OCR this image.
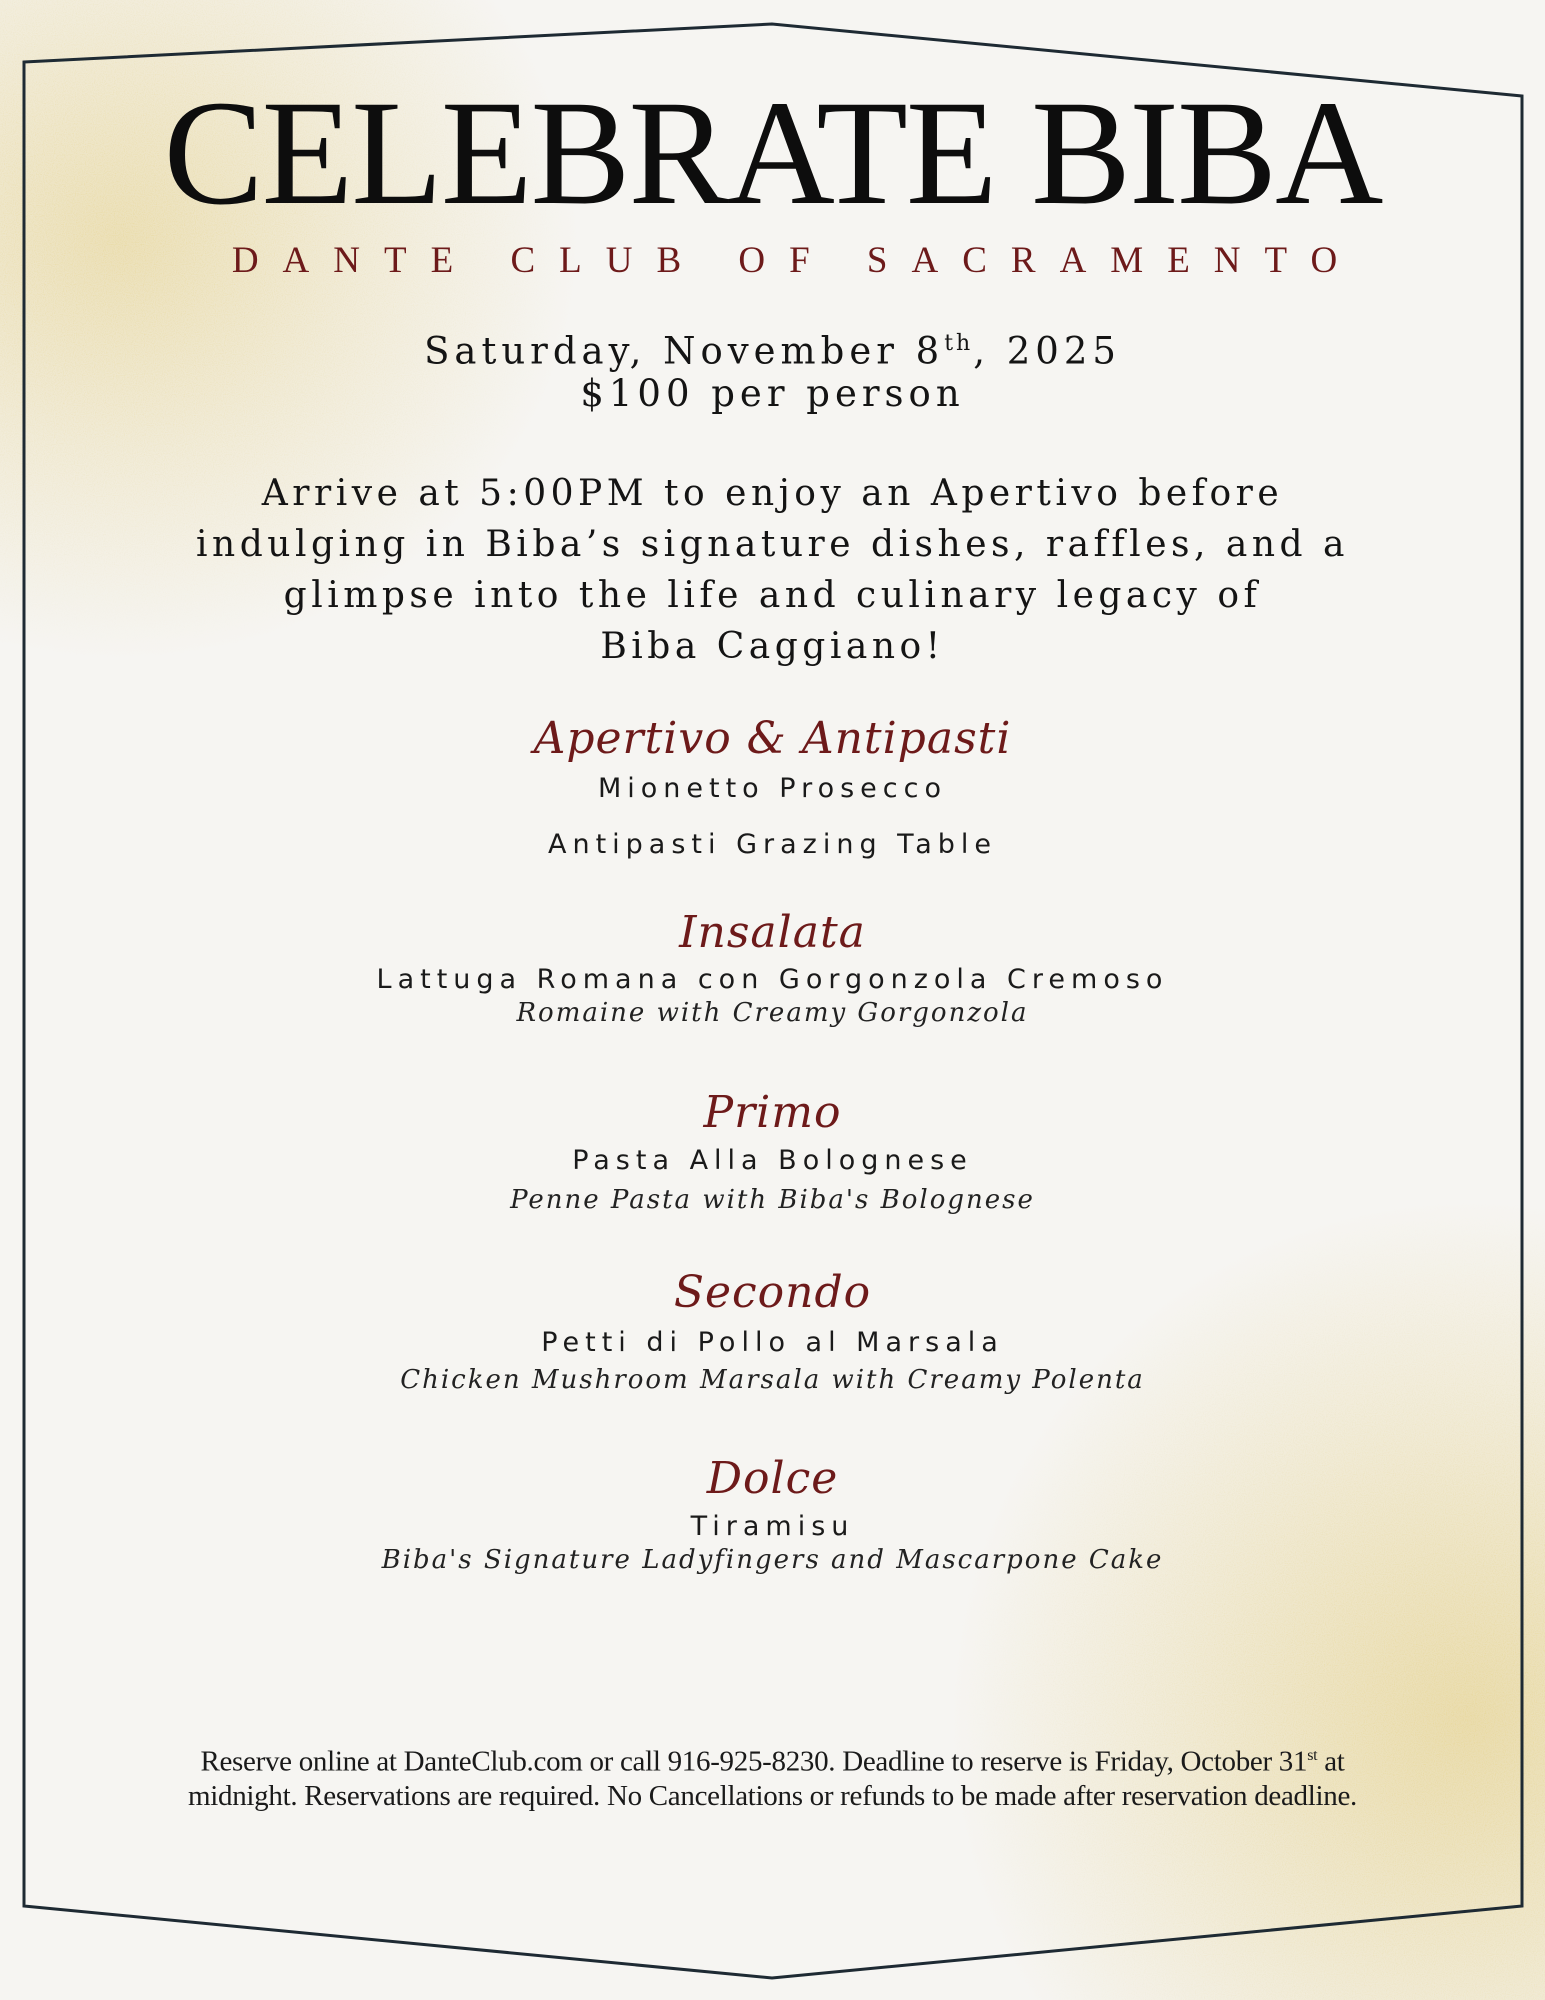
CELEBRATE BIBA
DANTE CLUB OF SACRAMENTO
Saturday, November 8th, 2025
$100 per person
Arrive at 5:00PM to enjoy an Apertivo before
indulging in Biba’s signature dishes, raffles, and a
glimpse into the life and culinary legacy of
Biba Caggiano!
Apertivo & Antipasti
Mionetto Prosecco
Antipasti Grazing Table
Insalata
Lattuga Romana con Gorgonzola Cremoso
Romaine with Creamy Gorgonzola
Primo
Pasta Alla Bolognese
Penne Pasta with Biba's Bolognese
Secondo
Petti di Pollo al Marsala
Chicken Mushroom Marsala with Creamy Polenta
Dolce
Tiramisu
Biba's Signature Ladyfingers and Mascarpone Cake
Reserve online at DanteClub.com or call 916-925-8230. Deadline to reserve is Friday, October 31st at
midnight. Reservations are required. No Cancellations or refunds to be made after reservation deadline.
